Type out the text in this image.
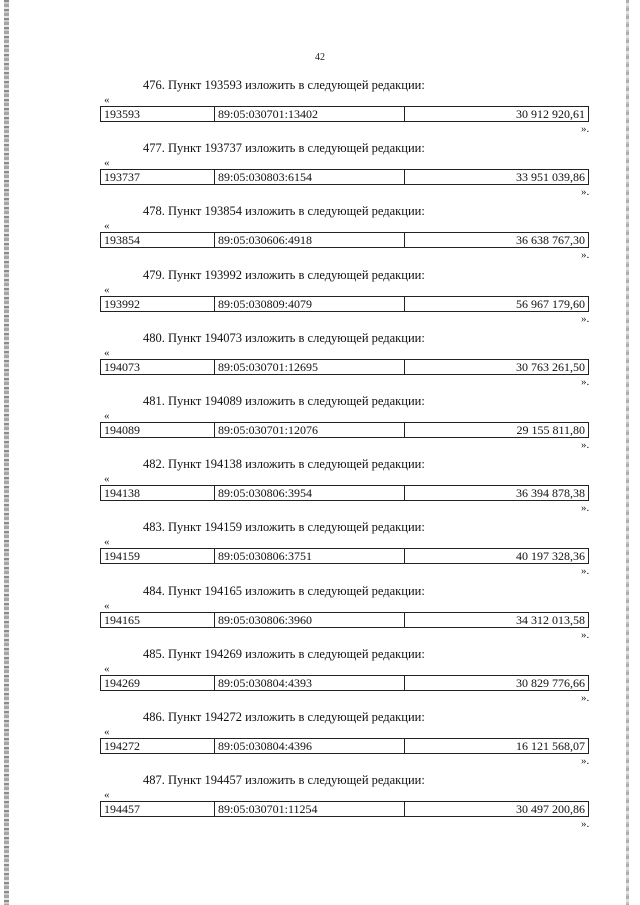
42
476. Пункт 193593 изложить в следующей редакции:
«
193593	89:05:030701:13402	30 912 920,61
».
477. Пункт 193737 изложить в следующей редакции:
«
193737	89:05:030803:6154	33 951 039,86
».
478. Пункт 193854 изложить в следующей редакции:
«
193854	89:05:030606:4918	36 638 767,30
».
479. Пункт 193992 изложить в следующей редакции:
«
193992	89:05:030809:4079	56 967 179,60
».
480. Пункт 194073 изложить в следующей редакции:
«
194073	89:05:030701:12695	30 763 261,50
».
481. Пункт 194089 изложить в следующей редакции:
«
194089	89:05:030701:12076	29 155 811,80
».
482. Пункт 194138 изложить в следующей редакции:
«
194138	89:05:030806:3954	36 394 878,38
».
483. Пункт 194159 изложить в следующей редакции:
«
194159	89:05:030806:3751	40 197 328,36
».
484. Пункт 194165 изложить в следующей редакции:
«
194165	89:05:030806:3960	34 312 013,58
».
485. Пункт 194269 изложить в следующей редакции:
«
194269	89:05:030804:4393	30 829 776,66
».
486. Пункт 194272 изложить в следующей редакции:
«
194272	89:05:030804:4396	16 121 568,07
».
487. Пункт 194457 изложить в следующей редакции:
«
194457	89:05:030701:11254	30 497 200,86
».
